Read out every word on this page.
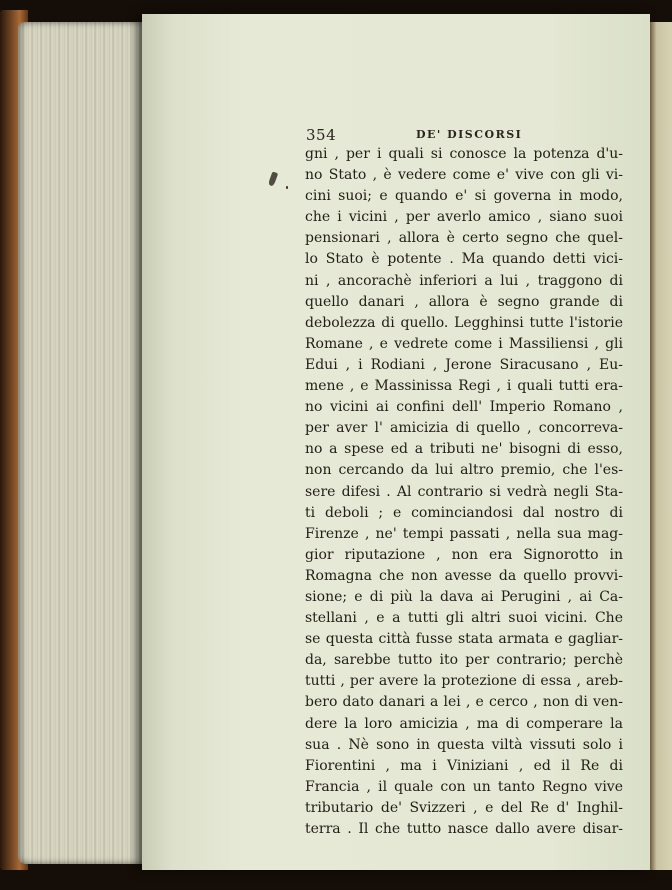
354	DE' DISCORSI
gni , per i quali si conosce la potenza d'u-
no Stato , è vedere come e' vive con gli vi-
cini suoi; e quando e' si governa in modo,
che i vicini , per averlo amico , siano suoi
pensionari , allora è certo segno che quel-
lo Stato è potente . Ma quando detti vici-
ni , ancorachè inferiori a lui , traggono di
quello danari , allora è segno grande di
debolezza di quello. Legghinsi tutte l'istorie
Romane , e vedrete come i Massiliensi , gli
Edui , i Rodiani , Jerone Siracusano , Eu-
mene , e Massinissa Regi , i quali tutti era-
no vicini ai confini dell' Imperio Romano ,
per aver l' amicizia di quello , concorreva-
no a spese ed a tributi ne' bisogni di esso,
non cercando da lui altro premio, che l'es-
sere difesi . Al contrario si vedrà negli Sta-
ti deboli ; e cominciandosi dal nostro di
Firenze , ne' tempi passati , nella sua mag-
gior riputazione , non era Signorotto in
Romagna che non avesse da quello provvi-
sione; e di più la dava ai Perugini , ai Ca-
stellani , e a tutti gli altri suoi vicini. Che
se questa città fusse stata armata e gagliar-
da, sarebbe tutto ito per contrario; perchè
tutti , per avere la protezione di essa , areb-
bero dato danari a lei , e cerco , non di ven-
dere la loro amicizia , ma di comperare la
sua . Nè sono in questa viltà vissuti solo i
Fiorentini , ma i Viniziani , ed il Re di
Francia , il quale con un tanto Regno vive
tributario de' Svizzeri , e del Re d' Inghil-
terra . Il che tutto nasce dallo avere disar-
